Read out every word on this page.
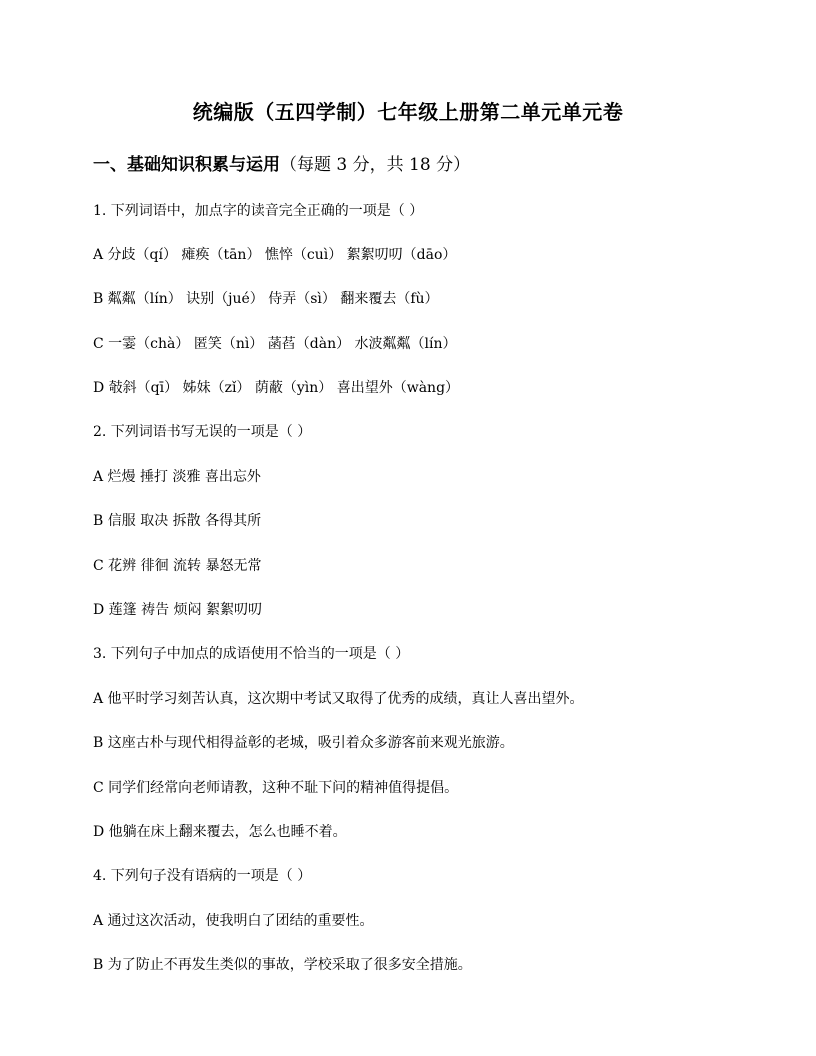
统编版（五四学制）七年级上册第二单元单元卷
一、基础知识积累与运用（每题 3 分，共 18 分）
1. 下列词语中，加点字的读音完全正确的一项是（ ）
A 分歧（qí） 瘫痪（tān） 憔悴（cuì） 絮絮叨叨（dāo）
B 粼粼（lín） 诀别（jué） 侍弄（sì） 翻来覆去（fù）
C 一霎（chà） 匿笑（nì） 菡萏（dàn） 水波粼粼（lín）
D 攲斜（qī） 姊妹（zǐ） 荫蔽（yìn） 喜出望外（wàng）
2. 下列词语书写无误的一项是（ ）
A 烂熳 捶打 淡雅 喜出忘外
B 信服 取决 拆散 各得其所
C 花辨 徘徊 流转 暴怒无常
D 莲篷 祷告 烦闷 絮絮叨叨
3. 下列句子中加点的成语使用不恰当的一项是（ ）
A 他平时学习刻苦认真，这次期中考试又取得了优秀的成绩，真让人喜出望外。
B 这座古朴与现代相得益彰的老城，吸引着众多游客前来观光旅游。
C 同学们经常向老师请教，这种不耻下问的精神值得提倡。
D 他躺在床上翻来覆去，怎么也睡不着。
4. 下列句子没有语病的一项是（ ）
A 通过这次活动，使我明白了团结的重要性。
B 为了防止不再发生类似的事故，学校采取了很多安全措施。
